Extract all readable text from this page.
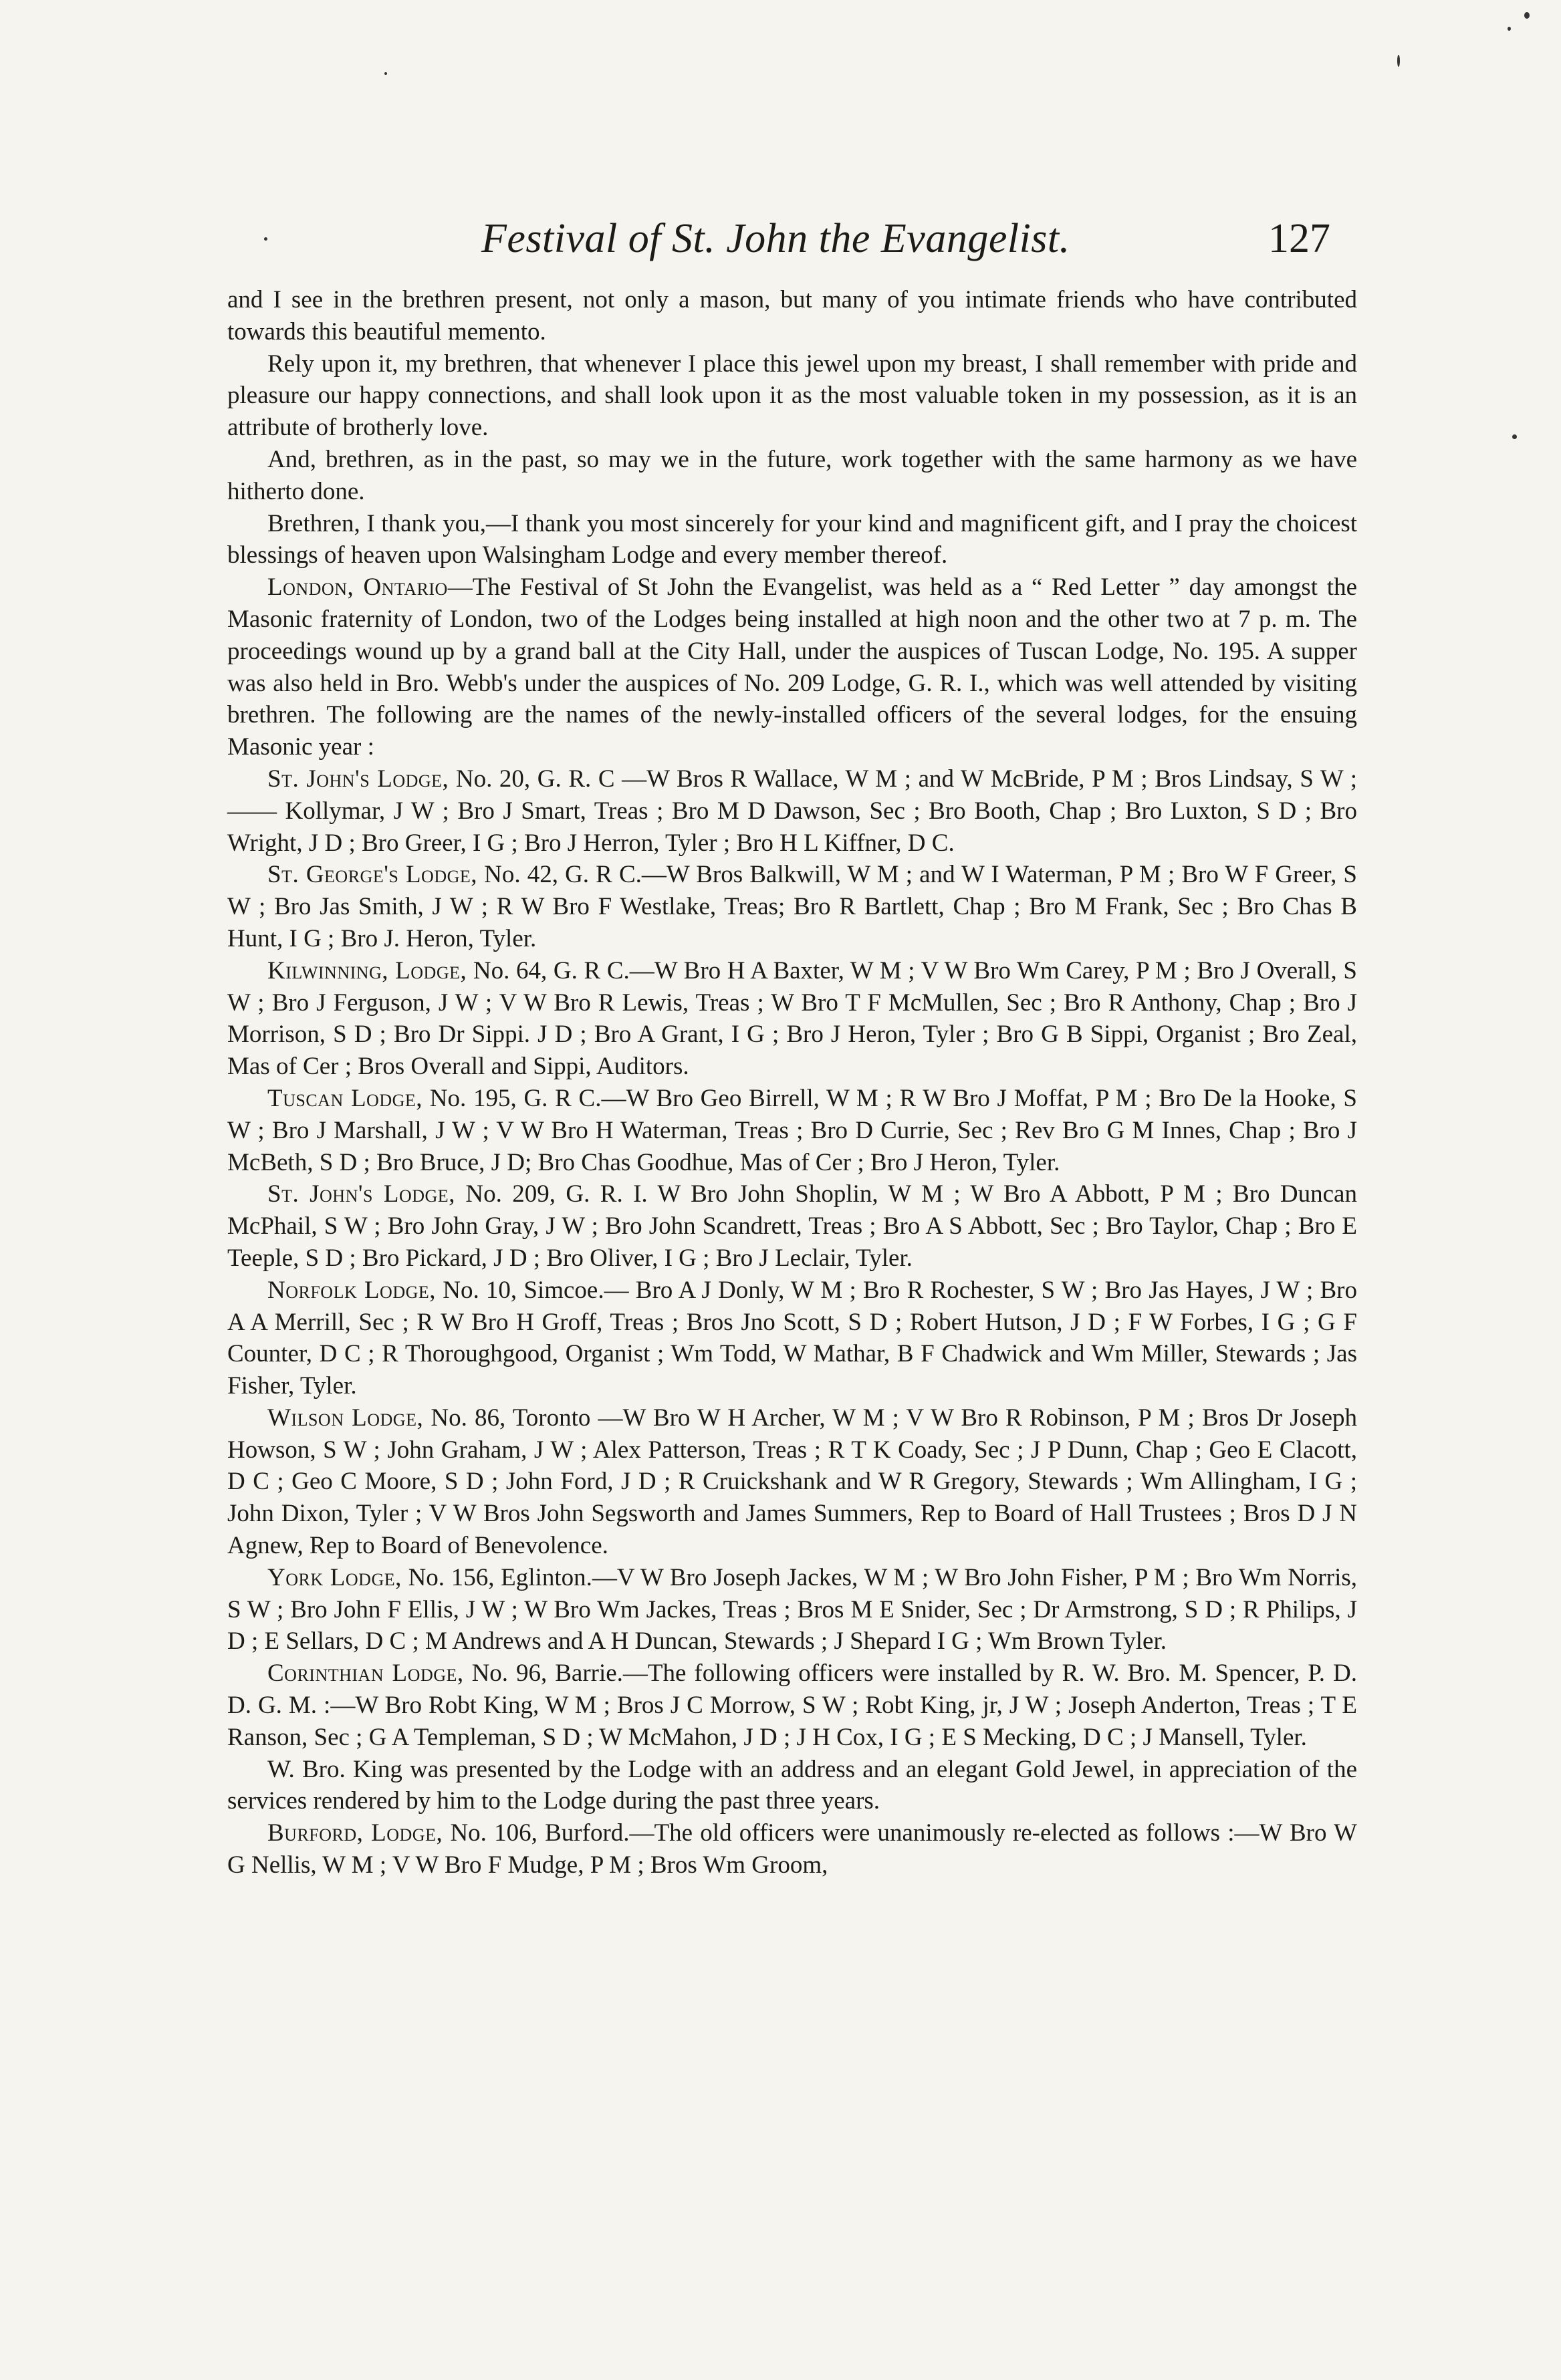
Festival of St. John the Evangelist.	127

and I see in the brethren present, not only a mason, but many of you intimate friends who have contributed towards this beautiful memento.

Rely upon it, my brethren, that whenever I place this jewel upon my breast, I shall remember with pride and pleasure our happy connections, and shall look upon it as the most valuable token in my possession, as it is an attribute of brotherly love.

And, brethren, as in the past, so may we in the future, work together with the same harmony as we have hitherto done.

Brethren, I thank you,—I thank you most sincerely for your kind and magnificent gift, and I pray the choicest blessings of heaven upon Walsingham Lodge and every member thereof.

London, Ontario—The Festival of St John the Evangelist, was held as a “ Red Letter ” day amongst the Masonic fraternity of London, two of the Lodges being installed at high noon and the other two at 7 p. m. The proceedings wound up by a grand ball at the City Hall, under the auspices of Tuscan Lodge, No. 195. A supper was also held in Bro. Webb's under the auspices of No. 209 Lodge, G. R. I., which was well attended by visiting brethren. The following are the names of the newly-installed officers of the several lodges, for the ensuing Masonic year :

St. John's Lodge, No. 20, G. R. C —W Bros R Wallace, W M ; and W McBride, P M ; Bros Lindsay, S W ; —— Kollymar, J W ; Bro J Smart, Treas ; Bro M D Dawson, Sec ; Bro Booth, Chap ; Bro Luxton, S D ; Bro Wright, J D ; Bro Greer, I G ; Bro J Herron, Tyler ; Bro H L Kiffner, D C.

St. George's Lodge, No. 42, G. R C.—W Bros Balkwill, W M ; and W I Waterman, P M ; Bro W F Greer, S W ; Bro Jas Smith, J W ; R W Bro F Westlake, Treas; Bro R Bartlett, Chap ; Bro M Frank, Sec ; Bro Chas B Hunt, I G ; Bro J. Heron, Tyler.

Kilwinning, Lodge, No. 64, G. R C.—W Bro H A Baxter, W M ; V W Bro Wm Carey, P M ; Bro J Overall, S W ; Bro J Ferguson, J W ; V W Bro R Lewis, Treas ; W Bro T F McMullen, Sec ; Bro R Anthony, Chap ; Bro J Morrison, S D ; Bro Dr Sippi. J D ; Bro A Grant, I G ; Bro J Heron, Tyler ; Bro G B Sippi, Organist ; Bro Zeal, Mas of Cer ; Bros Overall and Sippi, Auditors.

Tuscan Lodge, No. 195, G. R C.—W Bro Geo Birrell, W M ; R W Bro J Moffat, P M ; Bro De la Hooke, S W ; Bro J Marshall, J W ; V W Bro H Waterman, Treas ; Bro D Currie, Sec ; Rev Bro G M Innes, Chap ; Bro J McBeth, S D ; Bro Bruce, J D; Bro Chas Goodhue, Mas of Cer ; Bro J Heron, Tyler.

St. John's Lodge, No. 209, G. R. I. W Bro John Shoplin, W M ; W Bro A Abbott, P M ; Bro Duncan McPhail, S W ; Bro John Gray, J W ; Bro John Scandrett, Treas ; Bro A S Abbott, Sec ; Bro Taylor, Chap ; Bro E Teeple, S D ; Bro Pickard, J D ; Bro Oliver, I G ; Bro J Leclair, Tyler.

Norfolk Lodge, No. 10, Simcoe.— Bro A J Donly, W M ; Bro R Rochester, S W ; Bro Jas Hayes, J W ; Bro A A Merrill, Sec ; R W Bro H Groff, Treas ; Bros Jno Scott, S D ; Robert Hutson, J D ; F W Forbes, I G ; G F Counter, D C ; R Thoroughgood, Organist ; Wm Todd, W Mathar, B F Chadwick and Wm Miller, Stewards ; Jas Fisher, Tyler.

Wilson Lodge, No. 86, Toronto —W Bro W H Archer, W M ; V W Bro R Robinson, P M ; Bros Dr Joseph Howson, S W ; John Graham, J W ; Alex Patterson, Treas ; R T K Coady, Sec ; J P Dunn, Chap ; Geo E Clacott, D C ; Geo C Moore, S D ; John Ford, J D ; R Cruickshank and W R Gregory, Stewards ; Wm Allingham, I G ; John Dixon, Tyler ; V W Bros John Segsworth and James Summers, Rep to Board of Hall Trustees ; Bros D J N Agnew, Rep to Board of Benevolence.

York Lodge, No. 156, Eglinton.—V W Bro Joseph Jackes, W M ; W Bro John Fisher, P M ; Bro Wm Norris, S W ; Bro John F Ellis, J W ; W Bro Wm Jackes, Treas ; Bros M E Snider, Sec ; Dr Armstrong, S D ; R Philips, J D ; E Sellars, D C ; M Andrews and A H Duncan, Stewards ; J Shepard I G ; Wm Brown Tyler.

Corinthian Lodge, No. 96, Barrie.—The following officers were installed by R. W. Bro. M. Spencer, P. D. D. G. M. :—W Bro Robt King, W M ; Bros J C Morrow, S W ; Robt King, jr, J W ; Joseph Anderton, Treas ; T E Ranson, Sec ; G A Templeman, S D ; W McMahon, J D ; J H Cox, I G ; E S Mecking, D C ; J Mansell, Tyler.

W. Bro. King was presented by the Lodge with an address and an elegant Gold Jewel, in appreciation of the services rendered by him to the Lodge during the past three years.

Burford, Lodge, No. 106, Burford.—The old officers were unanimously re-elected as follows :—W Bro W G Nellis, W M ; V W Bro F Mudge, P M ; Bros Wm Groom,
